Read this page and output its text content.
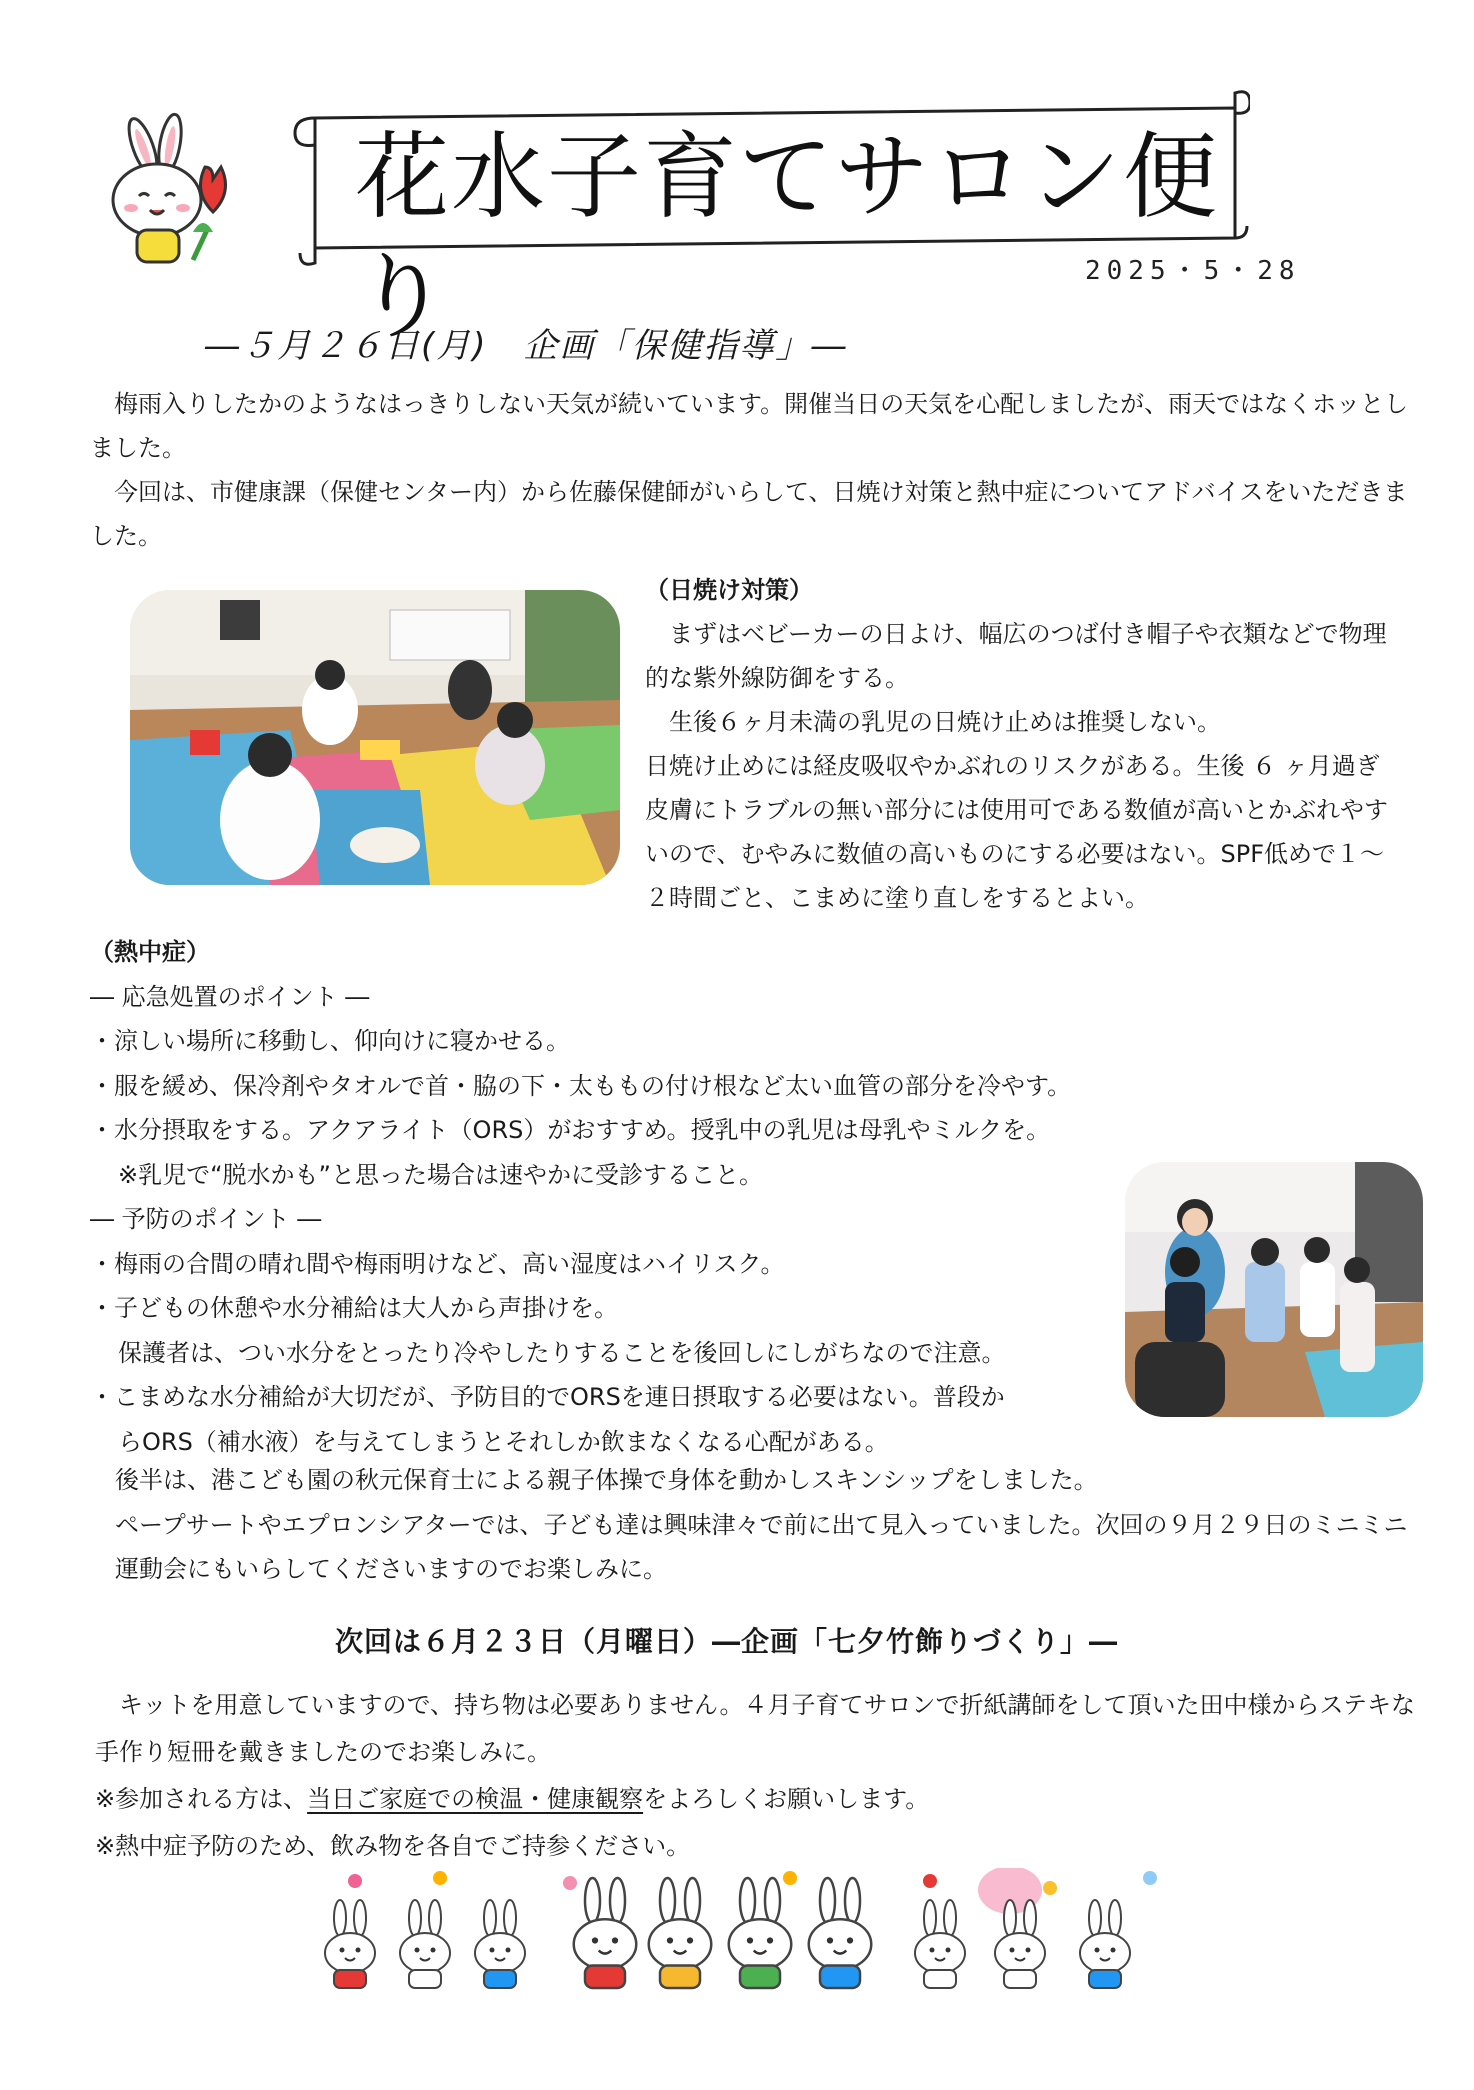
花水子育てサロン便り	2025・5・28
―５月２６日(月)　企画「保健指導」―

梅雨入りしたかのようなはっきりしない天気が続いています。開催当日の天気を心配しましたが、雨天ではなくホッとしました。

今回は、市健康課（保健センター内）から佐藤保健師がいらして、日焼け対策と熱中症についてアドバイスをいただきました。

（日焼け対策）

まずはベビーカーの日よけ、幅広のつば付き帽子や衣類などで物理的な紫外線防御をする。

生後６ヶ月未満の乳児の日焼け止めは推奨しない。

日焼け止めには経皮吸収やかぶれのリスクがある。生後 ６ ヶ月過ぎ皮膚にトラブルの無い部分には使用可である数値が高いとかぶれやすいので、むやみに数値の高いものにする必要はない。SPF低めで１～２時間ごと、こまめに塗り直しをするとよい。

（熱中症）

― 応急処置のポイント ―

・涼しい場所に移動し、仰向けに寝かせる。

・服を緩め、保冷剤やタオルで首・脇の下・太ももの付け根など太い血管の部分を冷やす。

・水分摂取をする。アクアライト（ORS）がおすすめ。授乳中の乳児は母乳やミルクを。

※乳児で“脱水かも”と思った場合は速やかに受診すること。

― 予防のポイント ―

・梅雨の合間の晴れ間や梅雨明けなど、高い湿度はハイリスク。

・子どもの休憩や水分補給は大人から声掛けを。

保護者は、つい水分をとったり冷やしたりすることを後回しにしがちなので注意。

・こまめな水分補給が大切だが、予防目的でORSを連日摂取する必要はない。普段か

らORS（補水液）を与えてしまうとそれしか飲まなくなる心配がある。

後半は、港こども園の秋元保育士による親子体操で身体を動かしスキンシップをしました。

ペープサートやエプロンシアターでは、子ども達は興味津々で前に出て見入っていました。次回の９月２９日のミニミニ運動会にもいらしてくださいますのでお楽しみに。

次回は６月２３日（月曜日）―企画「七夕竹飾りづくり」―

キットを用意していますので、持ち物は必要ありません。４月子育てサロンで折紙講師をして頂いた田中様からステキな手作り短冊を戴きましたのでお楽しみに。

※参加される方は、当日ご家庭での検温・健康観察をよろしくお願いします。

※熱中症予防のため、飲み物を各自でご持参ください。
